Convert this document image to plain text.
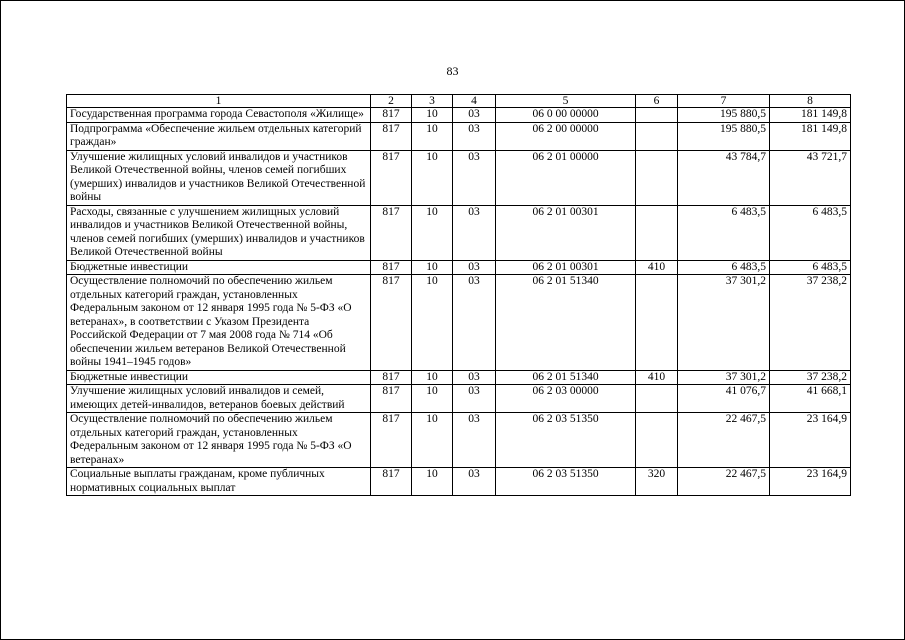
83
1	2	3	4	5	6	7	8
Государственная программа города Севастополя «Жилище»	817	10	03	06 0 00 00000		195 880,5	181 149,8
Подпрограмма «Обеспечение жильем отдельных категорий граждан»	817	10	03	06 2 00 00000		195 880,5	181 149,8
Улучшение жилищных условий инвалидов и участников Великой Отечественной войны, членов семей погибших (умерших) инвалидов и участников Великой Отечественной войны	817	10	03	06 2 01 00000		43 784,7	43 721,7
Расходы, связанные с улучшением жилищных условий инвалидов и участников Великой Отечественной войны, членов семей погибших (умерших) инвалидов и участников Великой Отечественной войны	817	10	03	06 2 01 00301		6 483,5	6 483,5
Бюджетные инвестиции	817	10	03	06 2 01 00301	410	6 483,5	6 483,5
Осуществление полномочий по обеспечению жильем отдельных категорий граждан, установленных Федеральным законом от 12 января 1995 года № 5-ФЗ «О ветеранах», в соответствии с Указом Президента Российской Федерации от 7 мая 2008 года № 714 «Об обеспечении жильем ветеранов Великой Отечественной войны 1941–1945 годов»	817	10	03	06 2 01 51340		37 301,2	37 238,2
Бюджетные инвестиции	817	10	03	06 2 01 51340	410	37 301,2	37 238,2
Улучшение жилищных условий инвалидов и семей, имеющих детей-инвалидов, ветеранов боевых действий	817	10	03	06 2 03 00000		41 076,7	41 668,1
Осуществление полномочий по обеспечению жильем отдельных категорий граждан, установленных Федеральным законом от 12 января 1995 года № 5-ФЗ «О ветеранах»	817	10	03	06 2 03 51350		22 467,5	23 164,9
Социальные выплаты гражданам, кроме публичных нормативных социальных выплат	817	10	03	06 2 03 51350	320	22 467,5	23 164,9
